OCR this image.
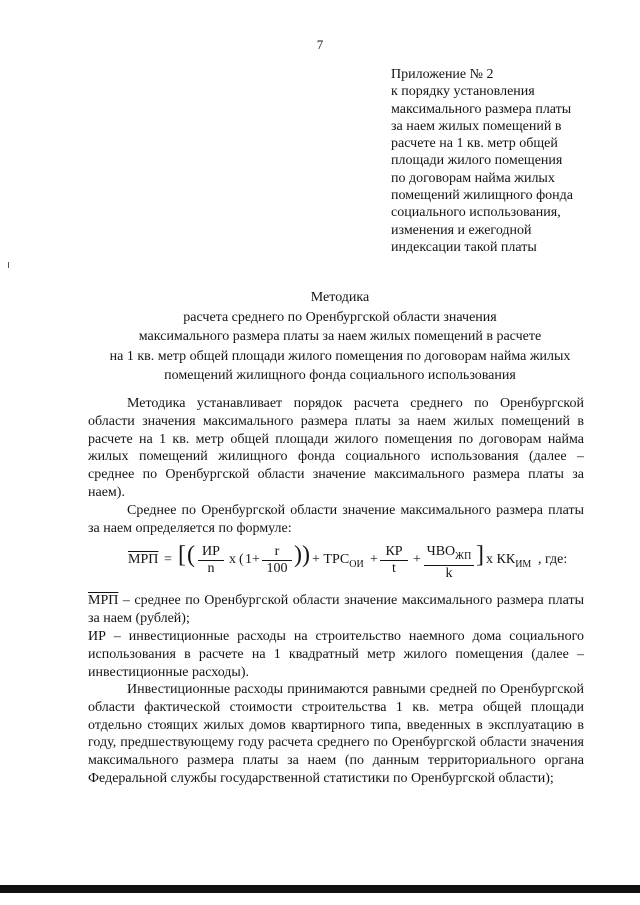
7
Приложение № 2
к порядку установления
максимального размера платы
за наем жилых помещений в
расчете на 1 кв. метр общей
площади жилого помещения
по договорам найма жилых
помещений жилищного фонда
социального использования,
изменения и ежегодной
индексации такой платы
Методика
расчета среднего по Оренбургской области значения
максимального размера платы за наем жилых помещений в расчете
на 1 кв. метр общей площади жилого помещения по договорам найма жилых
помещений жилищного фонда социального использования
Методика устанавливает порядок расчета среднего по Оренбургской области значения максимального размера платы за наем жилых помещений в расчете на 1 кв. метр общей площади жилого помещения по договорам найма жилых помещений жилищного фонда социального использования (далее – среднее по Оренбургской области значение максимального размера платы за наем).
Среднее по Оренбургской области значение максимального размера платы за наем определяется по формуле:
МРП = [ ( ИР
n
x ( $1+ \frac{r}{100}$ )) + $ТРС_{ОИ}$ +
КР
t
+
$ЧВО_{ЖП}$
k
] x $КК_{ИМ}$ , где:
МРП – среднее по Оренбургской области значение максимального размера платы за наем (рублей);
ИР – инвестиционные расходы на строительство наемного дома социального использования в расчете на 1 квадратный метр жилого помещения (далее – инвестиционные расходы).
Инвестиционные расходы принимаются равными средней по Оренбургской области фактической стоимости строительства 1 кв. метра общей площади отдельно стоящих жилых домов квартирного типа, введенных в эксплуатацию в году, предшествующему году расчета среднего по Оренбургской области значения максимального размера платы за наем (по данным территориального органа Федеральной службы государственной статистики по Оренбургской области);
